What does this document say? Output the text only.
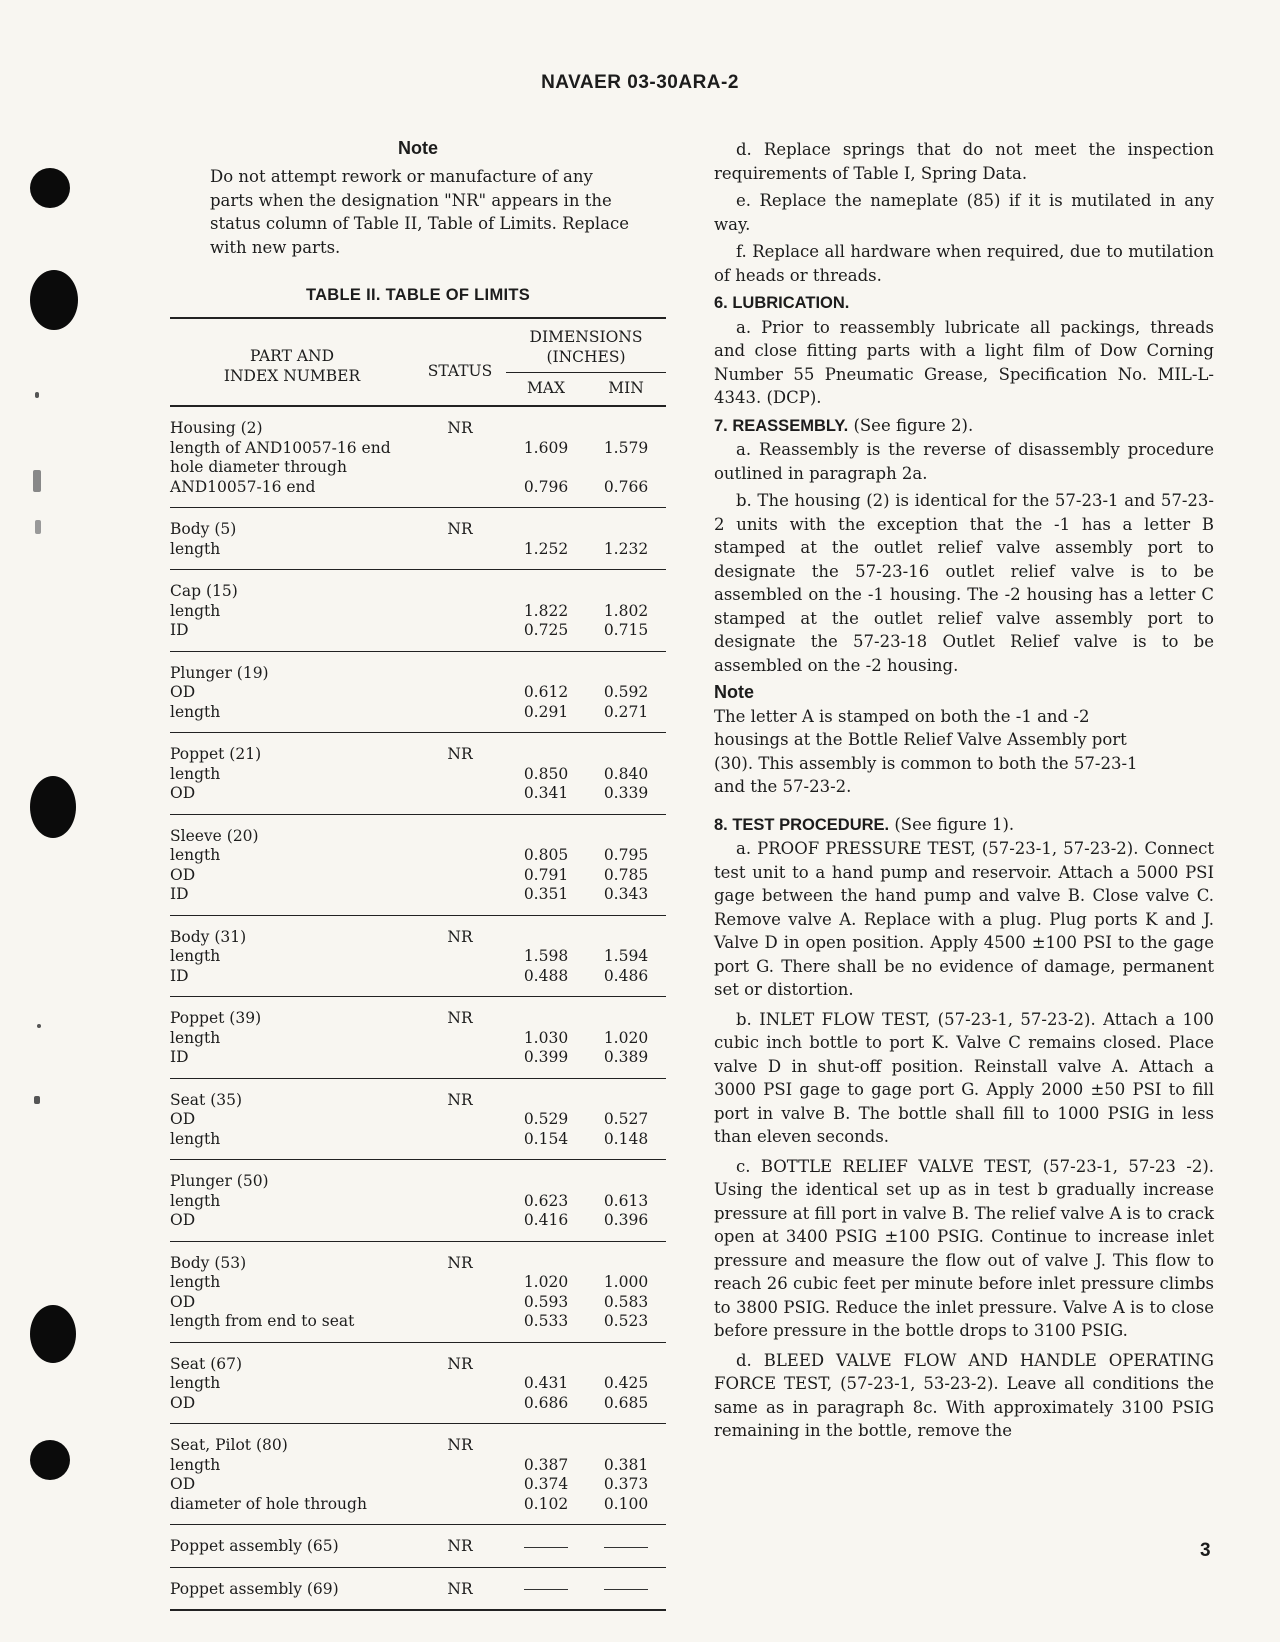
NAVAER 03-30ARA-2

Note

Do not attempt rework or manufacture of any parts when the designation "NR" appears in the status column of Table II, Table of Limits. Replace with new parts.

TABLE II. TABLE OF LIMITS

PART AND
INDEX NUMBER	STATUS	DIMENSIONS
(INCHES)	
		MAX	MIN
Housing (2)	NR		
length of AND10057-16 end		1.609	1.579
hole diameter through			
AND10057-16 end		0.796	0.766
Body (5)	NR		
length		1.252	1.232
Cap (15)			
length		1.822	1.802
ID		0.725	0.715
Plunger (19)			
OD		0.612	0.592
length		0.291	0.271
Poppet (21)	NR		
length		0.850	0.840
OD		0.341	0.339
Sleeve (20)			
length		0.805	0.795
OD		0.791	0.785
ID		0.351	0.343
Body (31)	NR		
length		1.598	1.594
ID		0.488	0.486
Poppet (39)	NR		
length		1.030	1.020
ID		0.399	0.389
Seat (35)	NR		
OD		0.529	0.527
length		0.154	0.148
Plunger (50)			
length		0.623	0.613
OD		0.416	0.396
Body (53)	NR		
length		1.020	1.000
OD		0.593	0.583
length from end to seat		0.533	0.523
Seat (67)	NR		
length		0.431	0.425
OD		0.686	0.685
Seat, Pilot (80)	NR		
length		0.387	0.381
OD		0.374	0.373
diameter of hole through		0.102	0.100
Poppet assembly (65)	NR		
Poppet assembly (69)	NR		

d. Replace springs that do not meet the inspection requirements of Table I, Spring Data.

e. Replace the nameplate (85) if it is mutilated in any way.

f. Replace all hardware when required, due to mutilation of heads or threads.

6. LUBRICATION.

a. Prior to reassembly lubricate all packings, threads and close fitting parts with a light film of Dow Corning Number 55 Pneumatic Grease, Specification No. MIL-L-4343. (DCP).

7. REASSEMBLY. (See figure 2).

a. Reassembly is the reverse of disassembly procedure outlined in paragraph 2a.

b. The housing (2) is identical for the 57-23-1 and 57-23-2 units with the exception that the -1 has a letter B stamped at the outlet relief valve assembly port to designate the 57-23-16 outlet relief valve is to be assembled on the -1 housing. The -2 housing has a letter C stamped at the outlet relief valve assembly port to designate the 57-23-18 Outlet Relief valve is to be assembled on the -2 housing.

Note

The letter A is stamped on both the -1 and -2 housings at the Bottle Relief Valve Assembly port (30). This assembly is common to both the 57-23-1 and the 57-23-2.

8. TEST PROCEDURE. (See figure 1).

a. PROOF PRESSURE TEST, (57-23-1, 57-23-2). Connect test unit to a hand pump and reservoir. Attach a 5000 PSI gage between the hand pump and valve B. Close valve C. Remove valve A. Replace with a plug. Plug ports K and J. Valve D in open position. Apply 4500 ±100 PSI to the gage port G. There shall be no evidence of damage, permanent set or distortion.

b. INLET FLOW TEST, (57-23-1, 57-23-2). Attach a 100 cubic inch bottle to port K. Valve C remains closed. Place valve D in shut-off position. Reinstall valve A. Attach a 3000 PSI gage to gage port G. Apply 2000 ±50 PSI to fill port in valve B. The bottle shall fill to 1000 PSIG in less than eleven seconds.

c. BOTTLE RELIEF VALVE TEST, (57-23-1, 57-23 -2). Using the identical set up as in test b gradually increase pressure at fill port in valve B. The relief valve A is to crack open at 3400 PSIG ±100 PSIG. Continue to increase inlet pressure and measure the flow out of valve J. This flow to reach 26 cubic feet per minute before inlet pressure climbs to 3800 PSIG. Reduce the inlet pressure. Valve A is to close before pressure in the bottle drops to 3100 PSIG.

d. BLEED VALVE FLOW AND HANDLE OPERATING FORCE TEST, (57-23-1, 53-23-2). Leave all conditions the same as in paragraph 8c. With approximately 3100 PSIG remaining in the bottle, remove the

3
